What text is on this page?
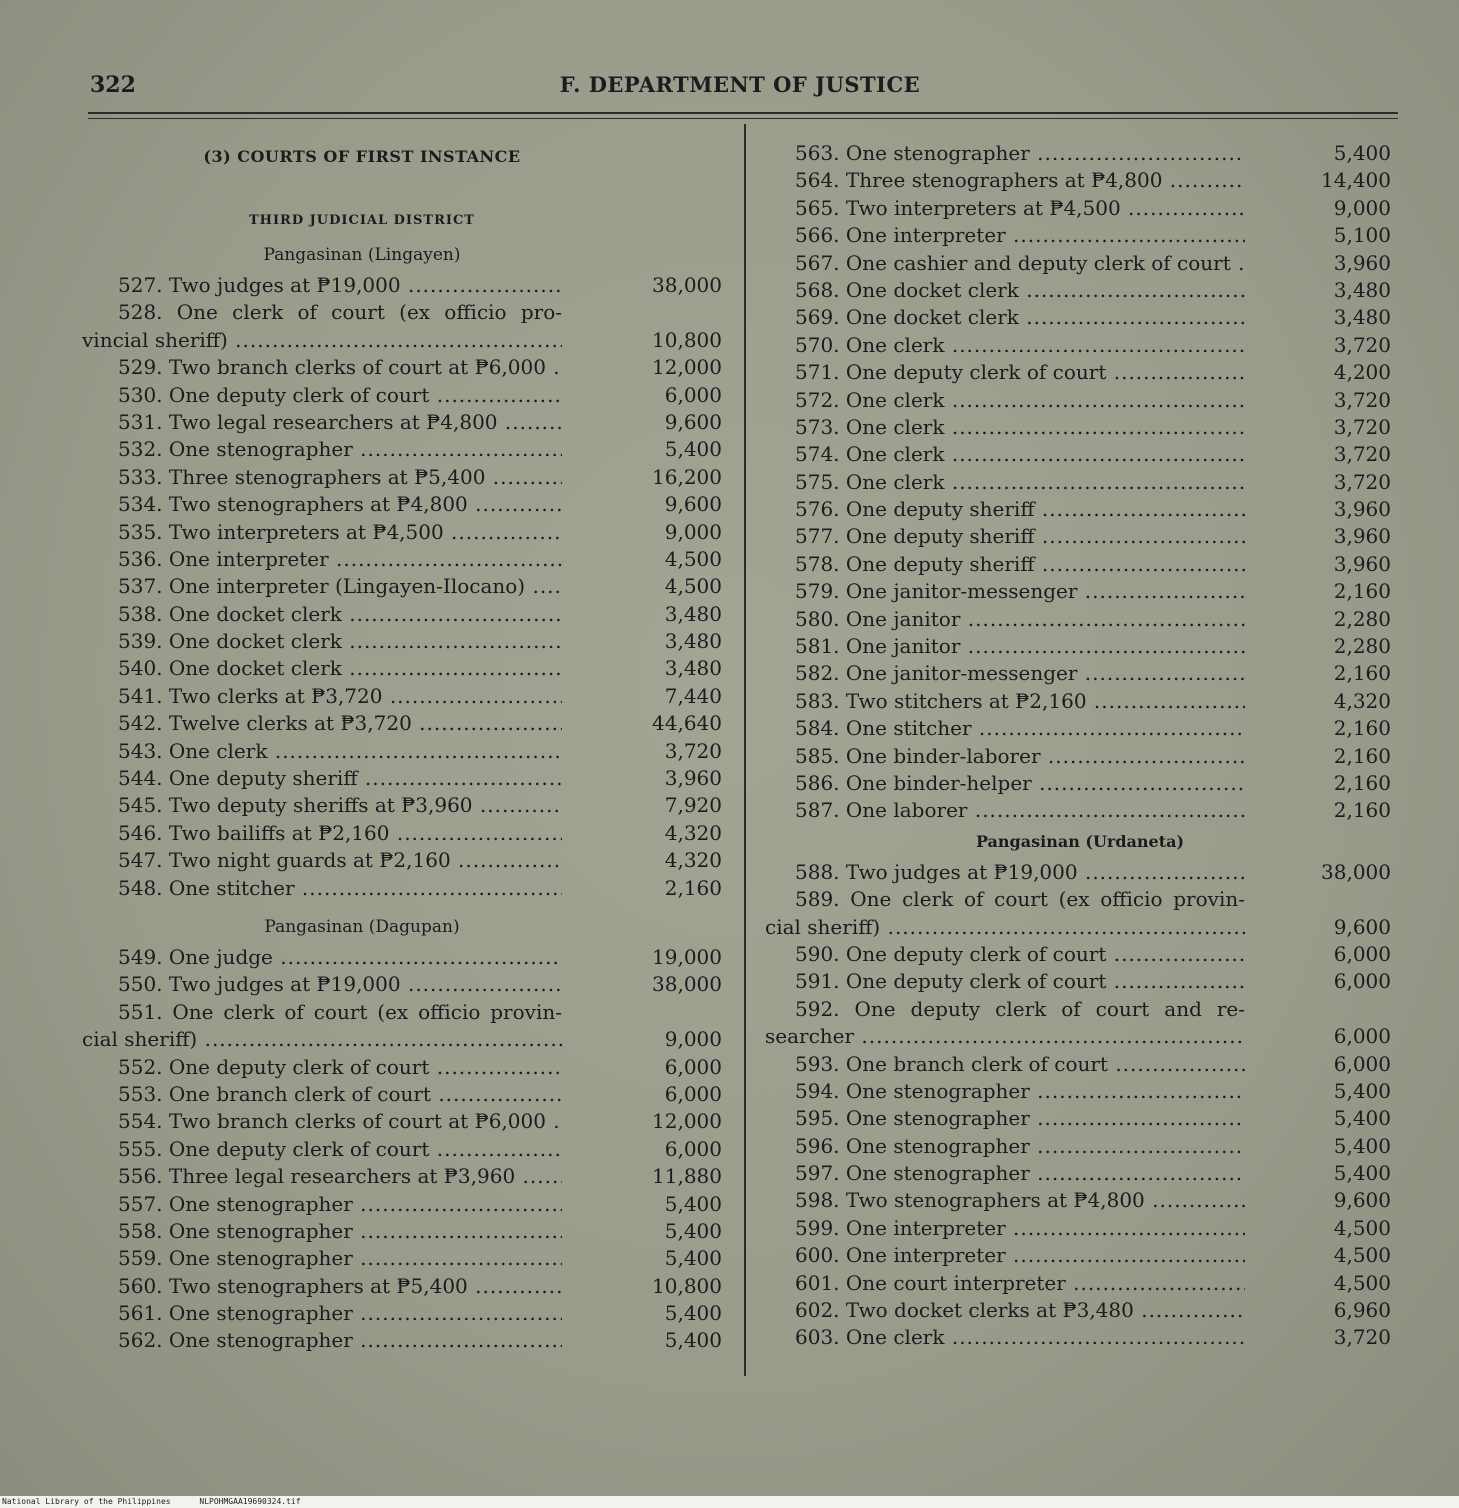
322	F. DEPARTMENT OF JUSTICE
(3) COURTS OF FIRST INSTANCE
THIRD JUDICIAL DISTRICT
Pangasinan (Lingayen)
527. Two judges at ₱19,000 .....	38,000
528. One clerk of court (ex officio pro-
vincial sheriff) .....	10,800
529. Two branch clerks of court at ₱6,000 .....	12,000
530. One deputy clerk of court .....	6,000
531. Two legal researchers at ₱4,800 .....	9,600
532. One stenographer .....	5,400
533. Three stenographers at ₱5,400 .....	16,200
534. Two stenographers at ₱4,800 .....	9,600
535. Two interpreters at ₱4,500 .....	9,000
536. One interpreter .....	4,500
537. One interpreter (Lingayen-Ilocano) .....	4,500
538. One docket clerk .....	3,480
539. One docket clerk .....	3,480
540. One docket clerk .....	3,480
541. Two clerks at ₱3,720 .....	7,440
542. Twelve clerks at ₱3,720 .....	44,640
543. One clerk .....	3,720
544. One deputy sheriff .....	3,960
545. Two deputy sheriffs at ₱3,960 .....	7,920
546. Two bailiffs at ₱2,160 .....	4,320
547. Two night guards at ₱2,160 .....	4,320
548. One stitcher .....	2,160
Pangasinan (Dagupan)
549. One judge .....	19,000
550. Two judges at ₱19,000 .....	38,000
551. One clerk of court (ex officio provin-
cial sheriff) .....	9,000
552. One deputy clerk of court .....	6,000
553. One branch clerk of court .....	6,000
554. Two branch clerks of court at ₱6,000 .....	12,000
555. One deputy clerk of court .....	6,000
556. Three legal researchers at ₱3,960 .....	11,880
557. One stenographer .....	5,400
558. One stenographer .....	5,400
559. One stenographer .....	5,400
560. Two stenographers at ₱5,400 .....	10,800
561. One stenographer .....	5,400
562. One stenographer .....	5,400
563. One stenographer .....	5,400
564. Three stenographers at ₱4,800 .....	14,400
565. Two interpreters at ₱4,500 .....	9,000
566. One interpreter .....	5,100
567. One cashier and deputy clerk of court .....	3,960
568. One docket clerk .....	3,480
569. One docket clerk .....	3,480
570. One clerk .....	3,720
571. One deputy clerk of court .....	4,200
572. One clerk .....	3,720
573. One clerk .....	3,720
574. One clerk .....	3,720
575. One clerk .....	3,720
576. One deputy sheriff .....	3,960
577. One deputy sheriff .....	3,960
578. One deputy sheriff .....	3,960
579. One janitor-messenger .....	2,160
580. One janitor .....	2,280
581. One janitor .....	2,280
582. One janitor-messenger .....	2,160
583. Two stitchers at ₱2,160 .....	4,320
584. One stitcher .....	2,160
585. One binder-laborer .....	2,160
586. One binder-helper .....	2,160
587. One laborer .....	2,160
Pangasinan (Urdaneta)
588. Two judges at ₱19,000 .....	38,000
589. One clerk of court (ex officio provin-
cial sheriff) .....	9,600
590. One deputy clerk of court .....	6,000
591. One deputy clerk of court .....	6,000
592. One deputy clerk of court and re-
searcher .....	6,000
593. One branch clerk of court .....	6,000
594. One stenographer .....	5,400
595. One stenographer .....	5,400
596. One stenographer .....	5,400
597. One stenographer .....	5,400
598. Two stenographers at ₱4,800 .....	9,600
599. One interpreter .....	4,500
600. One interpreter .....	4,500
601. One court interpreter .....	4,500
602. Two docket clerks at ₱3,480 .....	6,960
603. One clerk .....	3,720
National Library of the Philippines	NLPOHMGAA19690324.tif
